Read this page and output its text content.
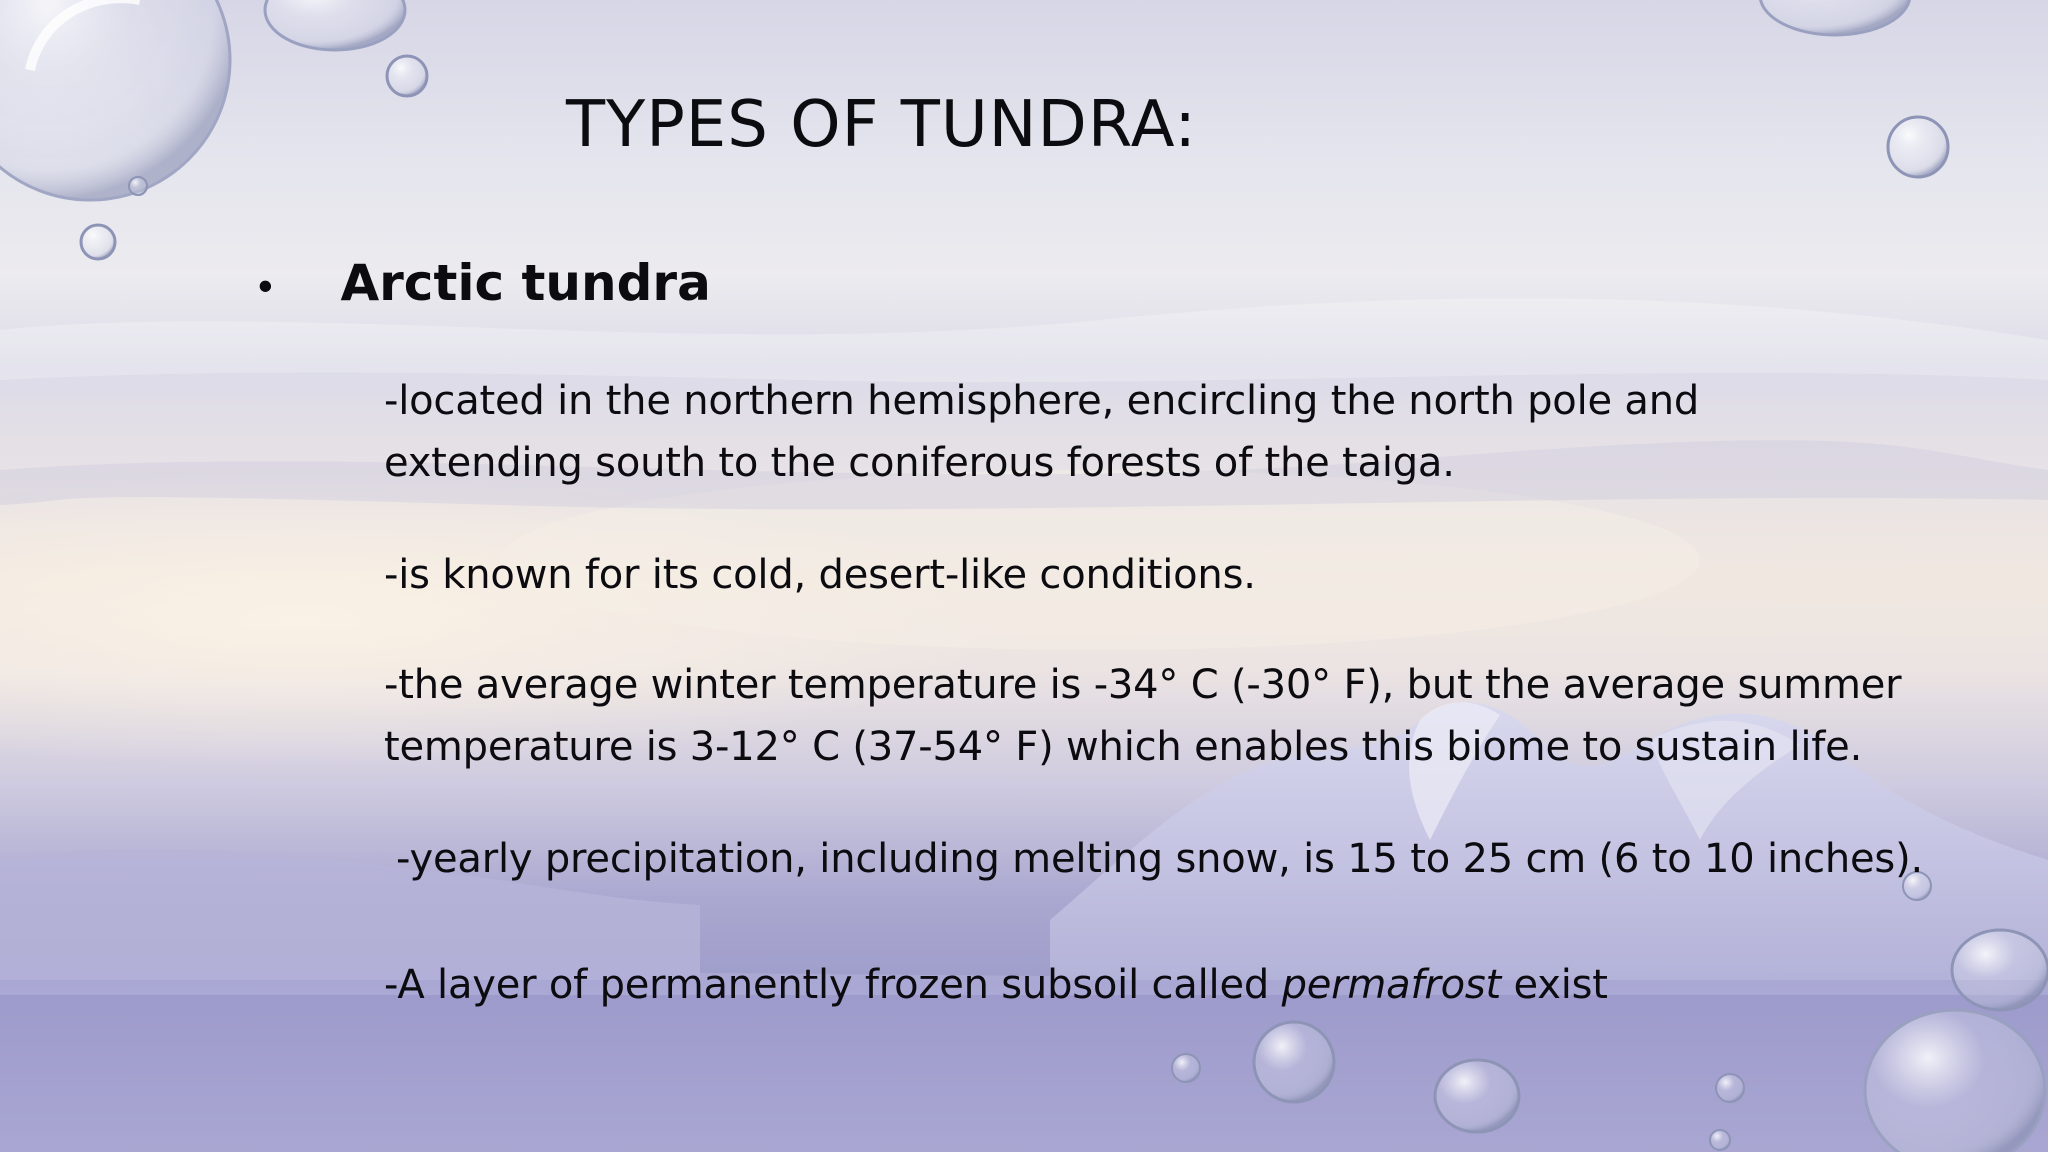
TYPES OF TUNDRA:
• Arctic tundra
-located in the northern hemisphere, encircling the north pole and
extending south to the coniferous forests of the taiga.
-is known for its cold, desert-like conditions.
-the average winter temperature is -34° C (-30° F), but the average summer
temperature is 3-12° C (37-54° F) which enables this biome to sustain life.
-yearly precipitation, including melting snow, is 15 to 25 cm (6 to 10 inches).
-A layer of permanently frozen subsoil called permafrost exist
